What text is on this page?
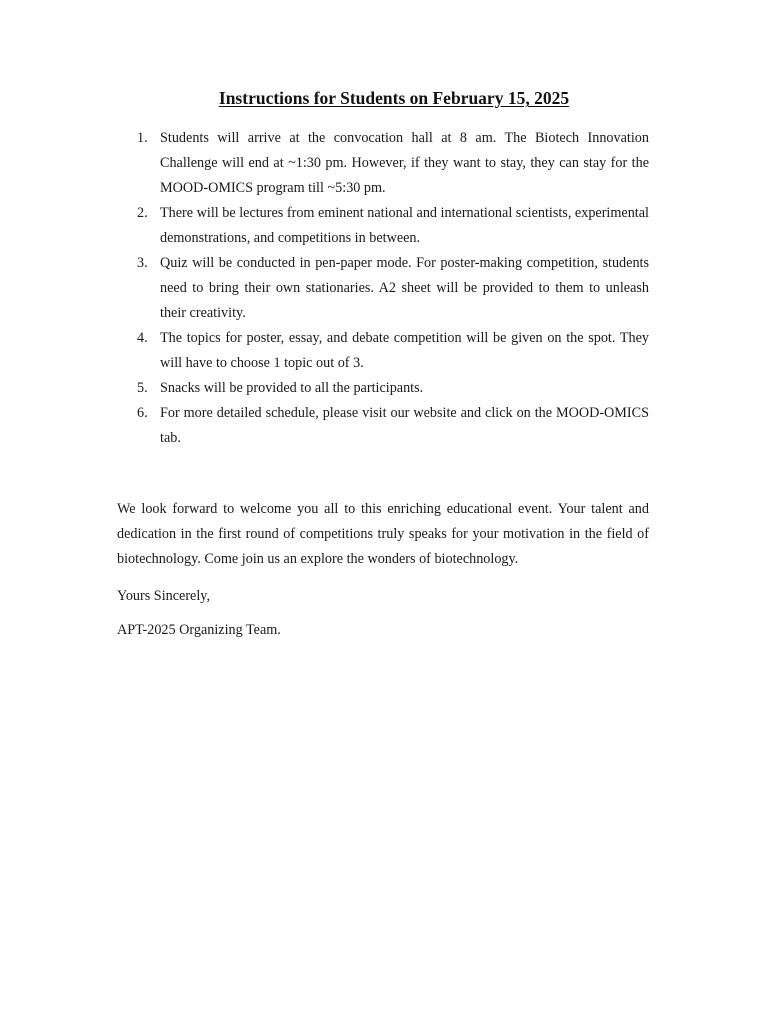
Instructions for Students on February 15, 2025
1. Students will arrive at the convocation hall at 8 am. The Biotech Innovation Challenge will end at ~1:30 pm. However, if they want to stay, they can stay for the MOOD-OMICS program till ~5:30 pm.
2. There will be lectures from eminent national and international scientists, experimental demonstrations, and competitions in between.
3. Quiz will be conducted in pen-paper mode. For poster-making competition, students need to bring their own stationaries. A2 sheet will be provided to them to unleash their creativity.
4. The topics for poster, essay, and debate competition will be given on the spot. They will have to choose 1 topic out of 3.
5. Snacks will be provided to all the participants.
6. For more detailed schedule, please visit our website and click on the MOOD-OMICS tab.

We look forward to welcome you all to this enriching educational event. Your talent and dedication in the first round of competitions truly speaks for your motivation in the field of biotechnology. Come join us an explore the wonders of biotechnology.

Yours Sincerely,

APT-2025 Organizing Team.
